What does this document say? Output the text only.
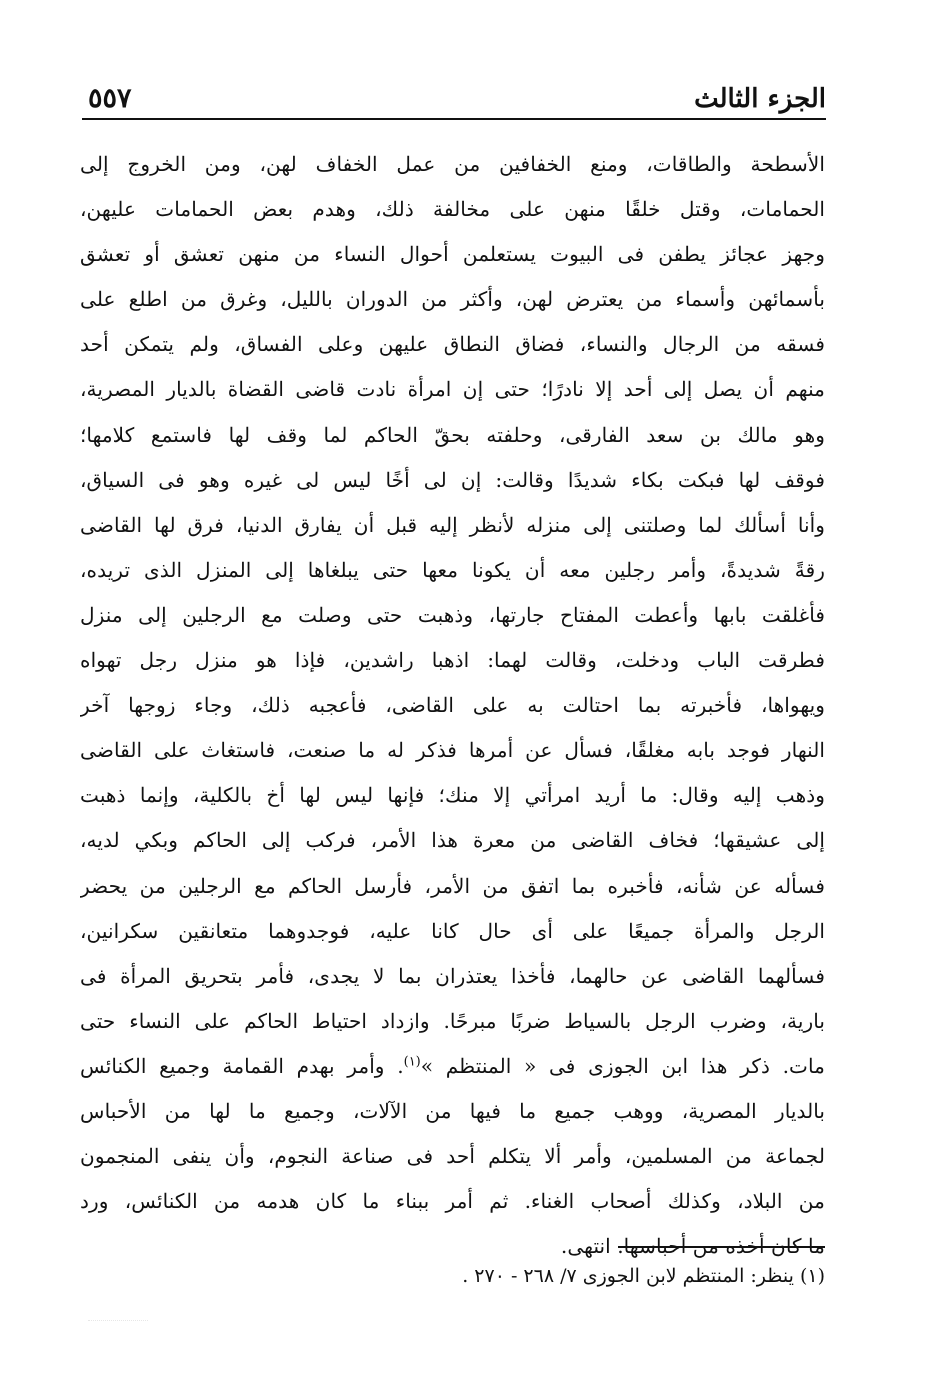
٥٥٧	الجزء الثالث
الأسطحة والطاقات، ومنع الخفافين من عمل الخفاف لهن، ومن الخروج إلى
الحمامات، وقتل خلقًا منهن على مخالفة ذلك، وهدم بعض الحمامات عليهن،
وجهز عجائز يطفن فى البيوت يستعلمن أحوال النساء من منهن تعشق أو تعشق
بأسمائهن وأسماء من يعترض لهن، وأكثر من الدوران بالليل، وغرق من اطلع على
فسقه من الرجال والنساء، فضاق النطاق عليهن وعلى الفساق، ولم يتمكن أحد
منهم أن يصل إلى أحد إلا نادرًا؛ حتى إن امرأة نادت قاضى القضاة بالديار المصرية،
وهو مالك بن سعد الفارقى، وحلفته بحقّ الحاكم لما وقف لها فاستمع كلامها؛
فوقف لها فبكت بكاء شديدًا وقالت: إن لى أخًا ليس لى غيره وهو فى السياق،
وأنا أسألك لما وصلتنى إلى منزله لأنظر إليه قبل أن يفارق الدنيا، فرق لها القاضى
رقةً شديدةً، وأمر رجلين معه أن يكونا معها حتى يبلغاها إلى المنزل الذى تريده،
فأغلقت بابها وأعطت المفتاح جارتها، وذهبت حتى وصلت مع الرجلين إلى منزل
فطرقت الباب ودخلت، وقالت لهما: اذهبا راشدين، فإذا هو منزل رجل تهواه
ويهواها، فأخبرته بما احتالت به على القاضى، فأعجبه ذلك، وجاء زوجها آخر
النهار فوجد بابه مغلقًا، فسأل عن أمرها فذكر له ما صنعت، فاستغاث على القاضى
وذهب إليه وقال: ما أريد امرأتي إلا منك؛ فإنها ليس لها أخ بالكلية، وإنما ذهبت
إلى عشيقها؛ فخاف القاضى من معرة هذا الأمر، فركب إلى الحاكم وبكي لديه،
فسأله عن شأنه، فأخبره بما اتفق من الأمر، فأرسل الحاكم مع الرجلين من يحضر
الرجل والمرأة جميعًا على أى حال كانا عليه، فوجدوهما متعانقين سكرانين،
فسألهما القاضى عن حالهما، فأخذا يعتذران بما لا يجدى، فأمر بتحريق المرأة فى
بارية، وضرب الرجل بالسياط ضربًا مبرحًا. وازداد احتياط الحاكم على النساء حتى
مات. ذكر هذا ابن الجوزى فى « المنتظم »$^{(١)}$. وأمر بهدم القمامة وجميع الكنائس
بالديار المصرية، ووهب جميع ما فيها من الآلات، وجميع ما لها من الأحباس
لجماعة من المسلمين، وأمر ألا يتكلم أحد فى صناعة النجوم، وأن ينفى المنجمون
من البلاد، وكذلك أصحاب الغناء. ثم أمر ببناء ما كان هدمه من الكنائس، ورد
ما كان أخذه من أحباسها. انتهى.
(١) ينظر: المنتظم لابن الجوزى ٧/ ٢٦٨ - ٢٧٠ .
